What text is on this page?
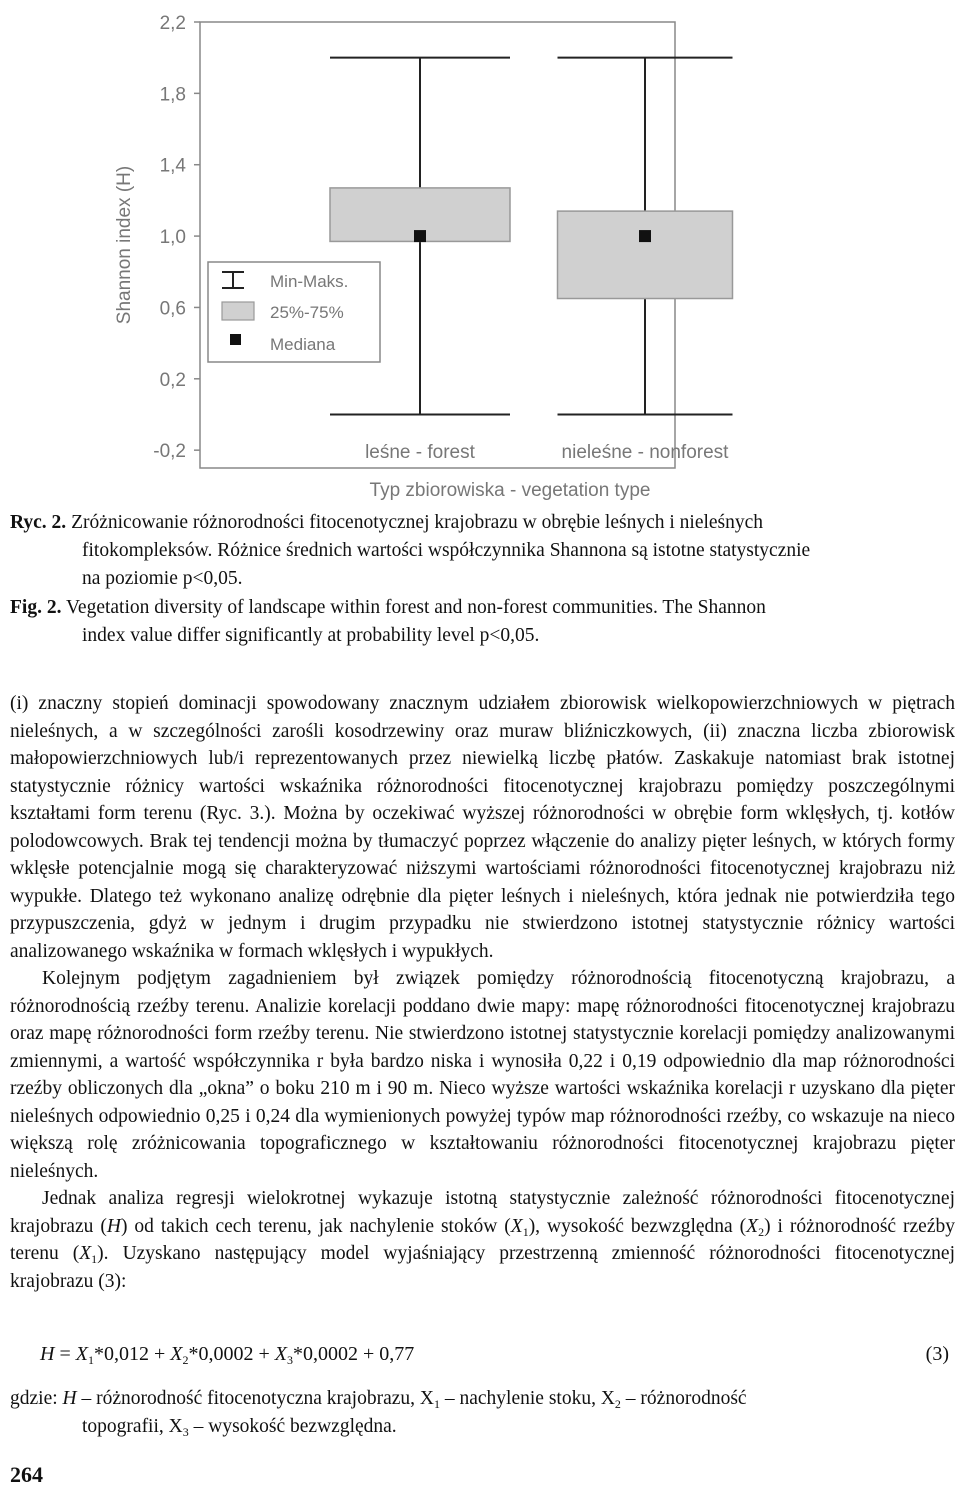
-0,2
0,2
0,6
1,0
1,4
1,8
2,2
Shannon index (H)
leśne - forest	nieleśne - nonforest
Typ zbiorowiska - vegetation type
Min-Maks.
25%-75%
Mediana
Ryc. 2. Zróżnicowanie różnorodności fitocenotycznej krajobrazu w obrębie leśnych i nieleśnych
fitokompleksów. Różnice średnich wartości współczynnika Shannona są istotne statystycznie
na poziomie p<0,05.
Fig. 2. Vegetation diversity of landscape within forest and non-forest communities. The Shannon
index value differ significantly at probability level p<0,05.

(i) znaczny stopień dominacji spowodowany znacznym udziałem zbiorowisk wielkopowierzchniowych w piętrach nieleśnych, a w szczególności zarośli kosodrzewiny oraz muraw bliźniczkowych, (ii) znaczna liczba zbiorowisk małopowierzchniowych lub/i reprezentowanych przez niewielką liczbę płatów. Zaskakuje natomiast brak istotnej statystycznie różnicy wartości wskaźnika różnorodności fitocenotycznej krajobrazu pomiędzy poszczególnymi kształtami form terenu (Ryc. 3.). Można by oczekiwać wyższej różnorodności w obrębie form wklęsłych, tj. kotłów polodowcowych. Brak tej tendencji można by tłumaczyć poprzez włączenie do analizy pięter leśnych, w których formy wklęsłe potencjalnie mogą się charakteryzować niższymi wartościami różnorodności fitocenotycznej krajobrazu niż wypukłe. Dlatego też wykonano analizę odrębnie dla pięter leśnych i nieleśnych, która jednak nie potwierdziła tego przypuszczenia, gdyż w jednym i drugim przypadku nie stwierdzono istotnej statystycznie różnicy wartości analizowanego wskaźnika w formach wklęsłych i wypukłych.

Kolejnym podjętym zagadnieniem był związek pomiędzy różnorodnością fitocenotyczną krajobrazu, a różnorodnością rzeźby terenu. Analizie korelacji poddano dwie mapy: mapę różnorodności fitocenotycznej krajobrazu oraz mapę różnorodności form rzeźby terenu. Nie stwierdzono istotnej statystycznie korelacji pomiędzy analizowanymi zmiennymi, a wartość współczynnika r była bardzo niska i wynosiła 0,22 i 0,19 odpowiednio dla map różnorodności rzeźby obliczonych dla „okna” o boku 210 m i 90 m. Nieco wyższe wartości wskaźnika korelacji r uzyskano dla pięter nieleśnych odpowiednio 0,25 i 0,24 dla wymienionych powyżej typów map różnorodności rzeźby, co wskazuje na nieco większą rolę zróżnicowania topograficznego w kształtowaniu różnorodności fitocenotycznej krajobrazu pięter nieleśnych.

Jednak analiza regresji wielokrotnej wykazuje istotną statystycznie zależność różnorodności fitocenotycznej krajobrazu (H) od takich cech terenu, jak nachylenie stoków $(X_1)$, wysokość bezwzględna $(X_2)$ i różnorodność rzeźby terenu $(X_1)$. Uzyskano następujący model wyjaśniający przestrzenną zmienność różnorodności fitocenotycznej krajobrazu (3):

$H = X_1*0,012 + X_2*0,0002 + X_3*0,0002 + 0,77$	(3)
gdzie: H – różnorodność fitocenotyczna krajobrazu, $X_1$ – nachylenie stoku, $X_2$ – różnorodność
topografii, $X_3$ – wysokość bezwzględna.
264
